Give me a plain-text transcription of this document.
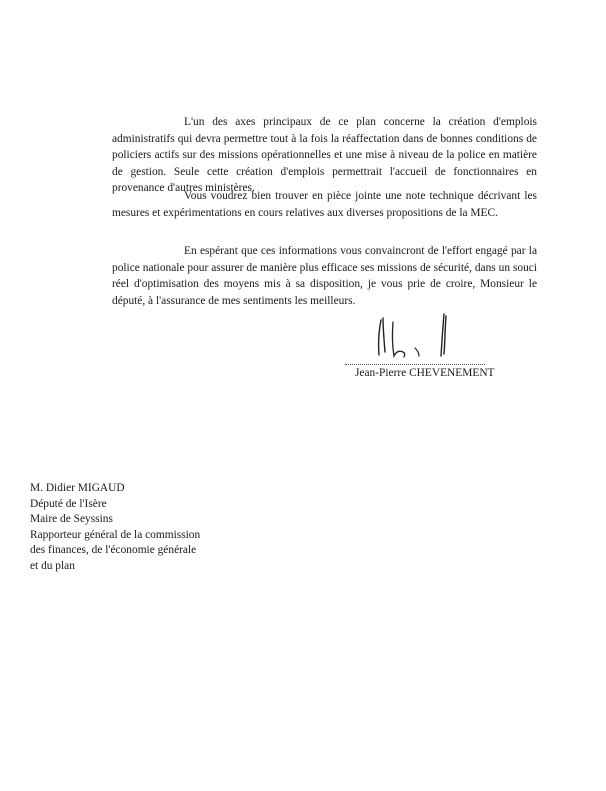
L'un des axes principaux de ce plan concerne la création d'emplois administratifs qui devra permettre tout à la fois la réaffectation dans de bonnes conditions de policiers actifs sur des missions opérationnelles et une mise à niveau de la police en matière de gestion. Seule cette création d'emplois permettrait l'accueil de fonctionnaires en provenance d'autres ministères.

Vous voudrez bien trouver en pièce jointe une note technique décrivant les mesures et expérimentations en cours relatives aux diverses propositions de la MEC.

En espérant que ces informations vous convaincront de l'effort engagé par la police nationale pour assurer de manière plus efficace ses missions de sécurité, dans un souci réel d'optimisation des moyens mis à sa disposition, je vous prie de croire, Monsieur le député, à l'assurance de mes sentiments les meilleurs.

Jean-Pierre CHEVENEMENT

M. Didier MIGAUD
Député de l'Isère
Maire de Seyssins
Rapporteur général de la commission
des finances, de l'économie générale
et du plan
